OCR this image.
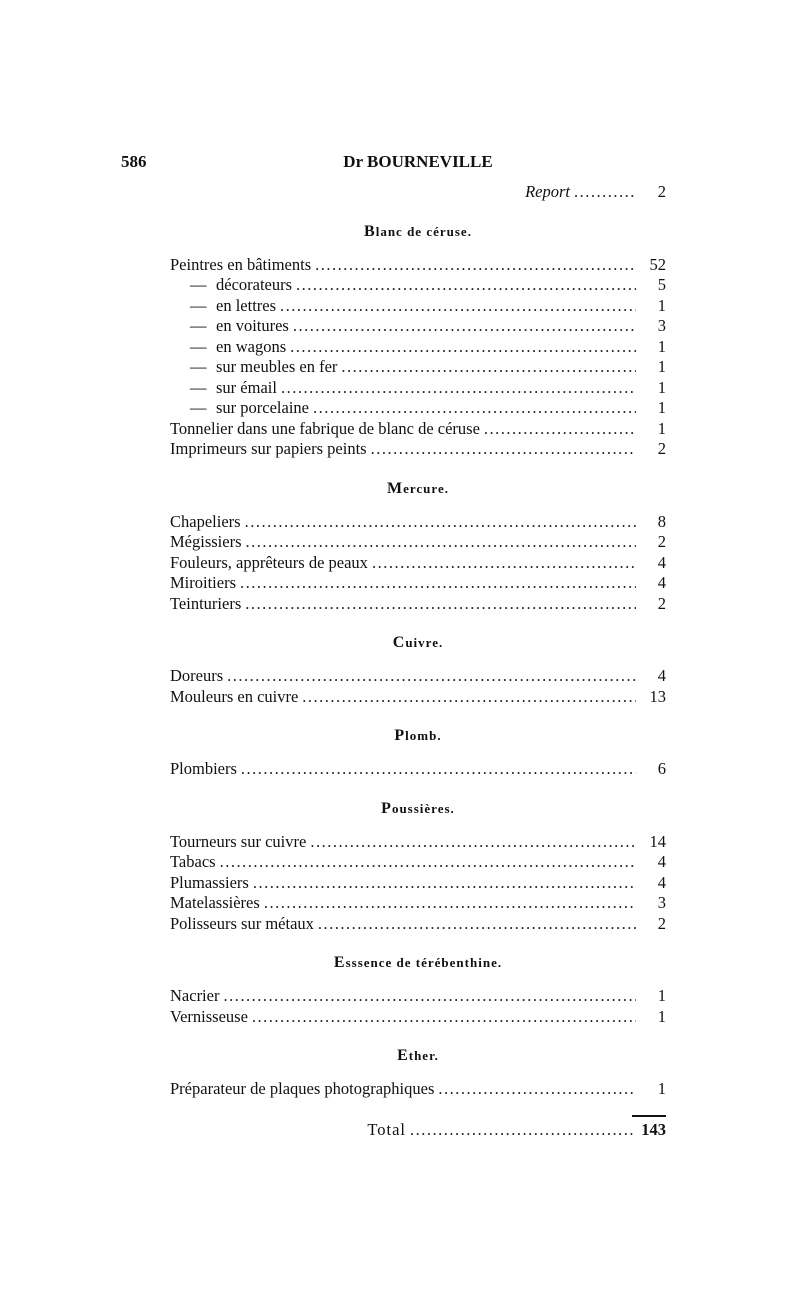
586	Dr BOURNEVILLE
Report .....	2
Blanc de céruse.
Peintres en bâtiments .....	52
— décorateurs .....	5
— en lettres .....	1
— en voitures .....	3
— en wagons .....	1
— sur meubles en fer .....	1
— sur émail .....	1
— sur porcelaine .....	1
Tonnelier dans une fabrique de blanc de céruse .....	1
Imprimeurs sur papiers peints .....	2
Mercure.
Chapeliers .....	8
Mégissiers .....	2
Fouleurs, apprêteurs de peaux .....	4
Miroitiers .....	4
Teinturiers .....	2
Cuivre.
Doreurs .....	4
Mouleurs en cuivre .....	13
Plomb.
Plombiers .....	6
Poussières.
Tourneurs sur cuivre .....	14
Tabacs .....	4
Plumassiers .....	4
Matelassières .....	3
Polisseurs sur métaux .....	2
Esssence de térébenthine.
Nacrier .....	1
Vernisseuse .....	1
Ether.
Préparateur de plaques photographiques .....	1
Total .....	143
